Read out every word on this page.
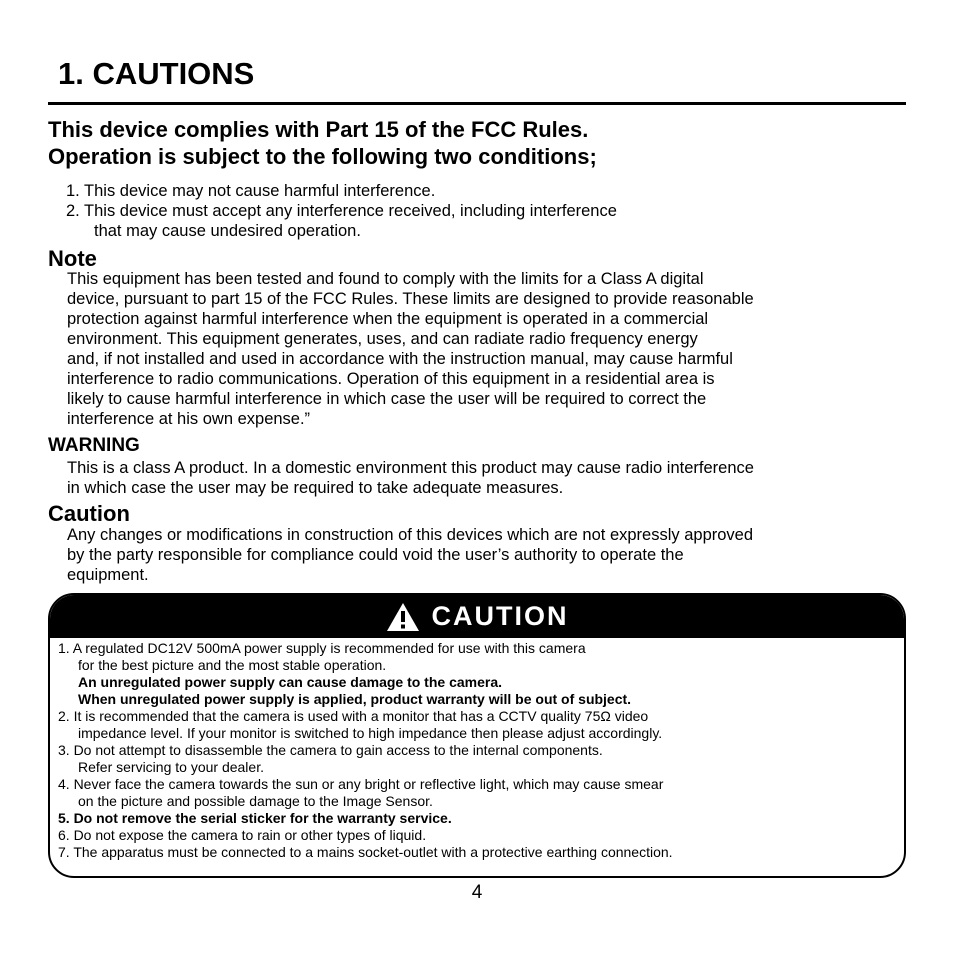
1. CAUTIONS
This device complies with Part 15 of the FCC Rules.
Operation is subject to the following two conditions;
1. This device may not cause harmful interference.
2. This device must accept any interference received, including interference
that may cause undesired operation.
Note
This equipment has been tested and found to comply with the limits for a Class A digital
device, pursuant to part 15 of the FCC Rules. These limits are designed to provide reasonable
protection against harmful interference when the equipment is operated in a commercial
environment. This equipment generates, uses, and can radiate radio frequency energy
and, if not installed and used in accordance with the instruction manual, may cause harmful
interference to radio communications. Operation of this equipment in a residential area is
likely to cause harmful interference in which case the user will be required to correct the
interference at his own expense.”
WARNING
This is a class A product. In a domestic environment this product may cause radio interference
in which case the user may be required to take adequate measures.
Caution
Any changes or modifications in construction of this devices which are not expressly approved
by the party responsible for compliance could void the user’s authority to operate the
equipment.
CAUTION
1. A regulated DC12V 500mA power supply is recommended for use with this camera
for the best picture and the most stable operation.
An unregulated power supply can cause damage to the camera.
When unregulated power supply is applied, product warranty will be out of subject.
2. It is recommended that the camera is used with a monitor that has a CCTV quality 75Ω video
impedance level. If your monitor is switched to high impedance then please adjust accordingly.
3. Do not attempt to disassemble the camera to gain access to the internal components.
Refer servicing to your dealer.
4. Never face the camera towards the sun or any bright or reflective light, which may cause smear
on the picture and possible damage to the Image Sensor.
5. Do not remove the serial sticker for the warranty service.
6. Do not expose the camera to rain or other types of liquid.
7. The apparatus must be connected to a mains socket-outlet with a protective earthing connection.
4
